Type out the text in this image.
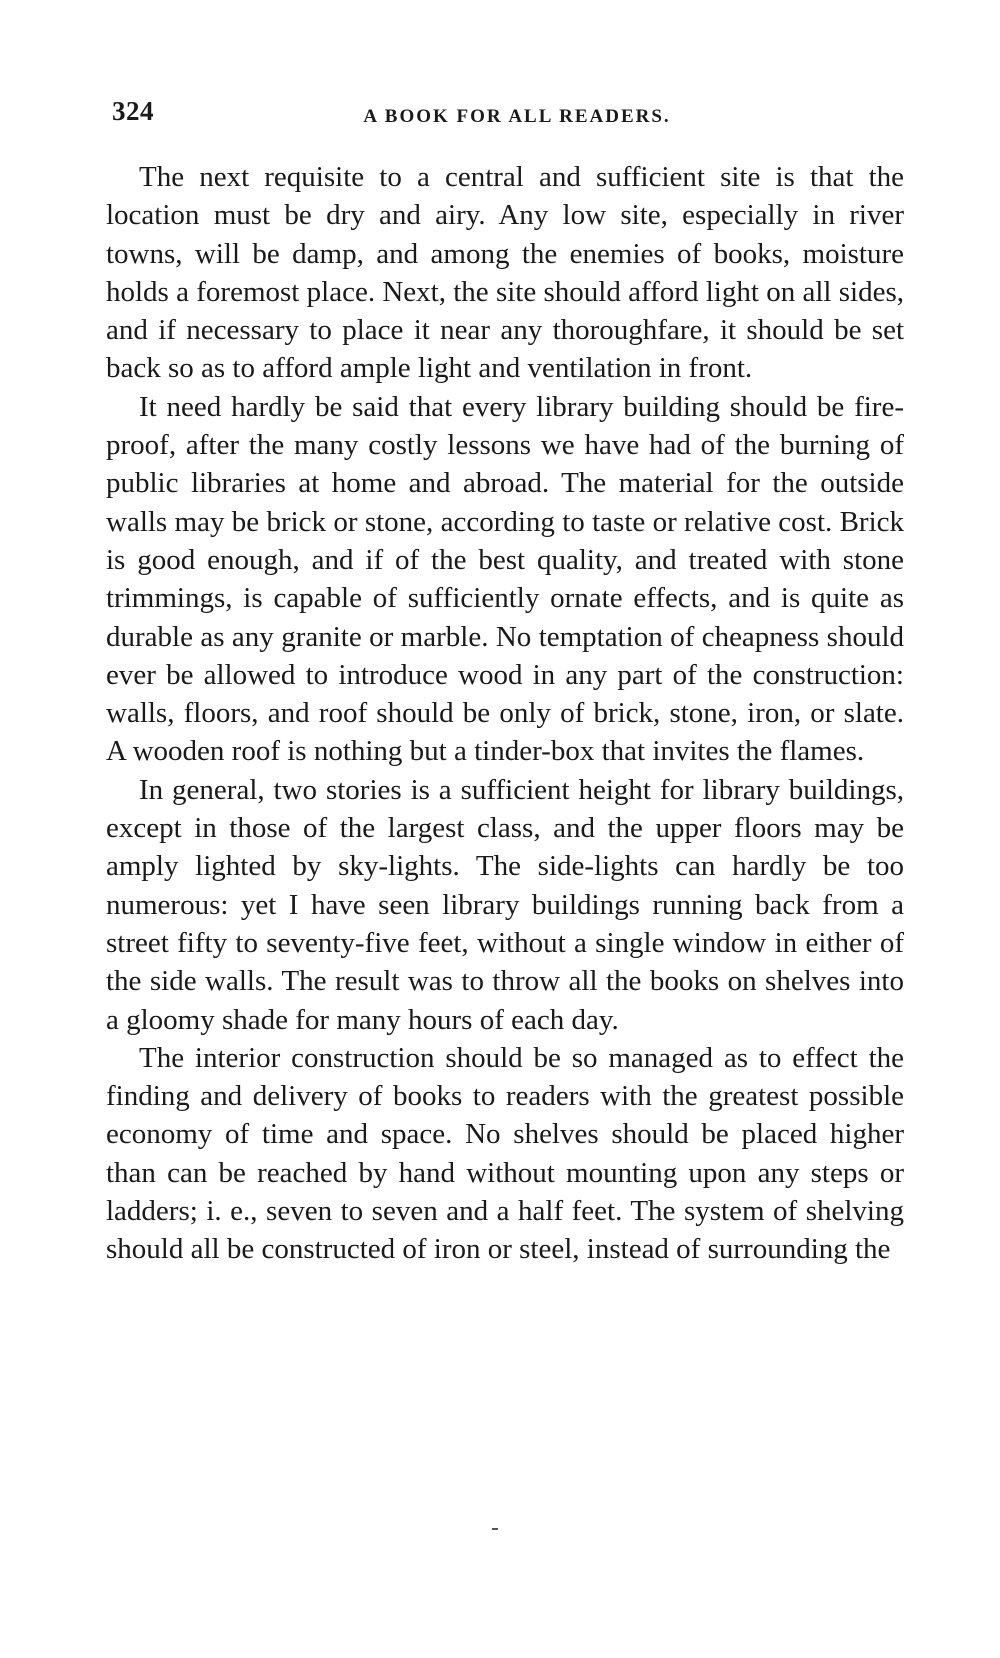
324	A BOOK FOR ALL READERS.

The next requisite to a central and sufficient site is that the location must be dry and airy. Any low site, especially in river towns, will be damp, and among the enemies of books, moisture holds a foremost place. Next, the site should afford light on all sides, and if necessary to place it near any thoroughfare, it should be set back so as to afford ample light and ventilation in front.

It need hardly be said that every library building should be fire-proof, after the many costly lessons we have had of the burning of public libraries at home and abroad. The material for the outside walls may be brick or stone, according to taste or relative cost. Brick is good enough, and if of the best quality, and treated with stone trimmings, is capable of sufficiently ornate effects, and is quite as durable as any granite or marble. No temptation of cheapness should ever be allowed to introduce wood in any part of the construction: walls, floors, and roof should be only of brick, stone, iron, or slate. A wooden roof is nothing but a tinder-box that invites the flames.

In general, two stories is a sufficient height for library buildings, except in those of the largest class, and the upper floors may be amply lighted by sky-lights. The side-lights can hardly be too numerous: yet I have seen library buildings running back from a street fifty to seventy-five feet, without a single window in either of the side walls. The result was to throw all the books on shelves into a gloomy shade for many hours of each day.

The interior construction should be so managed as to effect the finding and delivery of books to readers with the greatest possible economy of time and space. No shelves should be placed higher than can be reached by hand without mounting upon any steps or ladders; i. e., seven to seven and a half feet. The system of shelving should all be constructed of iron or steel, instead of surrounding the
